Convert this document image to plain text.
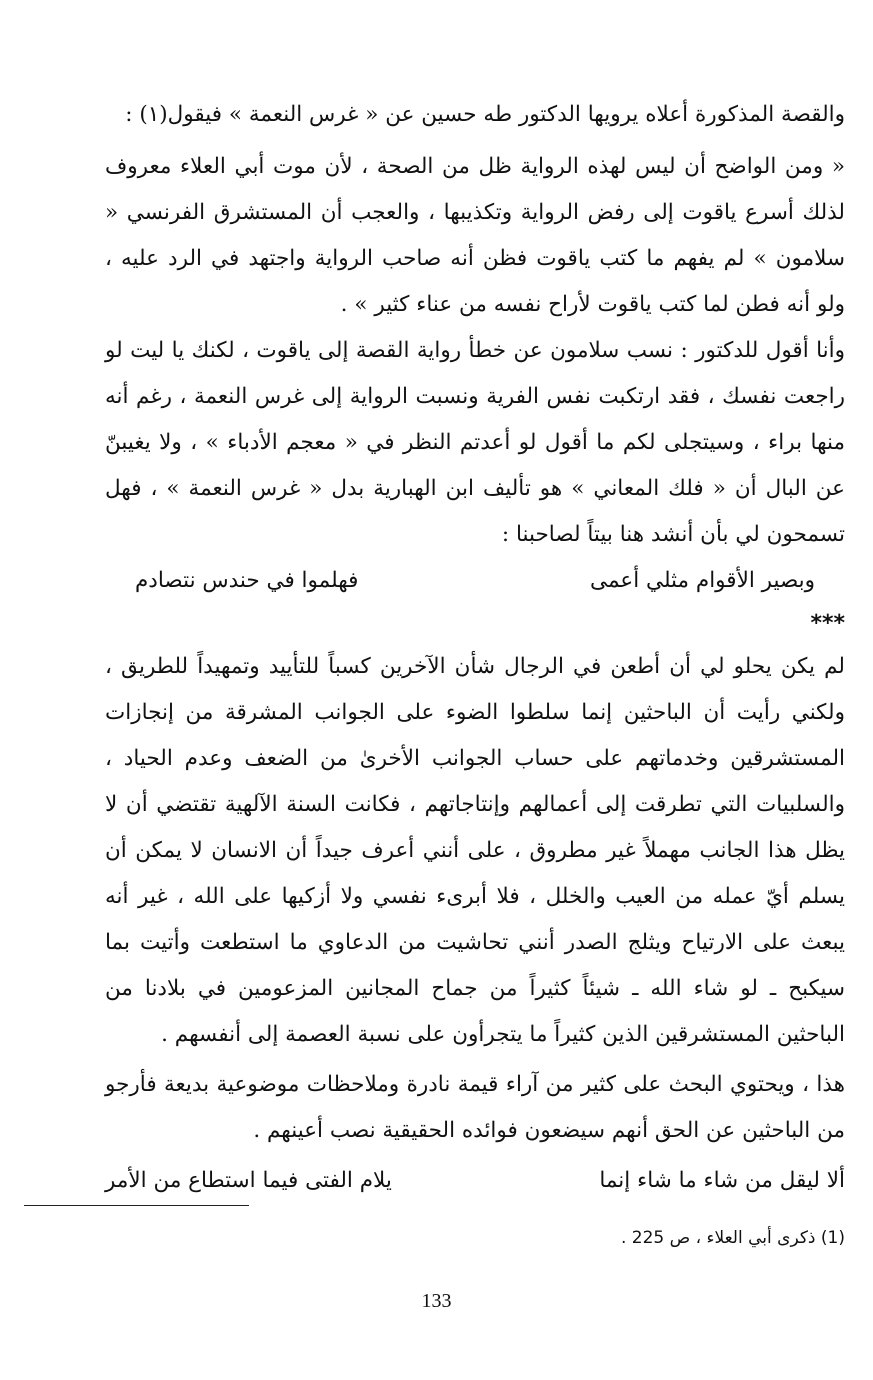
والقصة المذكورة أعلاه يرويها الدكتور طه حسين عن « غرس النعمة » فيقول(١) :

« ومن الواضح أن ليس لهذه الرواية ظل من الصحة ، لأن موت أبي العلاء معروف لذلك أسرع ياقوت إلى رفض الرواية وتكذيبها ، والعجب أن المستشرق الفرنسي « سلامون » لم يفهم ما كتب ياقوت فظن أنه صاحب الرواية واجتهد في الرد عليه ، ولو أنه فطن لما كتب ياقوت لأراح نفسه من عناء كثير » .

وأنا أقول للدكتور : نسب سلامون عن خطأ رواية القصة إلى ياقوت ، لكنك يا ليت لو راجعت نفسك ، فقد ارتكبت نفس الفرية ونسبت الرواية إلى غرس النعمة ، رغم أنه منها براء ، وسيتجلى لكم ما أقول لو أعدتم النظر في « معجم الأدباء » ، ولا يغيبنّ عن البال أن « فلك المعاني » هو تأليف ابن الهبارية بدل « غرس النعمة » ، فهل تسمحون لي بأن أنشد هنا بيتاً لصاحبنا :

وبصير الأقوام مثلي أعمى
فهلموا في حندس نتصادم
***

لم يكن يحلو لي أن أطعن في الرجال شأن الآخرين كسباً للتأييد وتمهيداً للطريق ، ولكني رأيت أن الباحثين إنما سلطوا الضوء على الجوانب المشرقة من إنجازات المستشرقين وخدماتهم على حساب الجوانب الأخرىٰ من الضعف وعدم الحياد ، والسلبيات التي تطرقت إلى أعمالهم وإنتاجاتهم ، فكانت السنة الآلهية تقتضي أن لا يظل هذا الجانب مهملاً غير مطروق ، على أنني أعرف جيداً أن الانسان لا يمكن أن يسلم أيّ عمله من العيب والخلل ، فلا أبرىء نفسي ولا أزكيها على الله ، غير أنه يبعث على الارتياح ويثلج الصدر أنني تحاشيت من الدعاوي ما استطعت وأتيت بما سيكبح ـ لو شاء الله ـ شيئاً كثيراً من جماح المجانين المزعومين في بلادنا من الباحثين المستشرقين الذين كثيراً ما يتجرأون على نسبة العصمة إلى أنفسهم .

هذا ، ويحتوي البحث على كثير من آراء قيمة نادرة وملاحظات موضوعية بديعة فأرجو من الباحثين عن الحق أنهم سيضعون فوائده الحقيقية نصب أعينهم .

ألا ليقل من شاء ما شاء إنما
يلام الفتى فيما استطاع من الأمر
(1) ذكرى أبي العلاء ، ص 225 .
133
